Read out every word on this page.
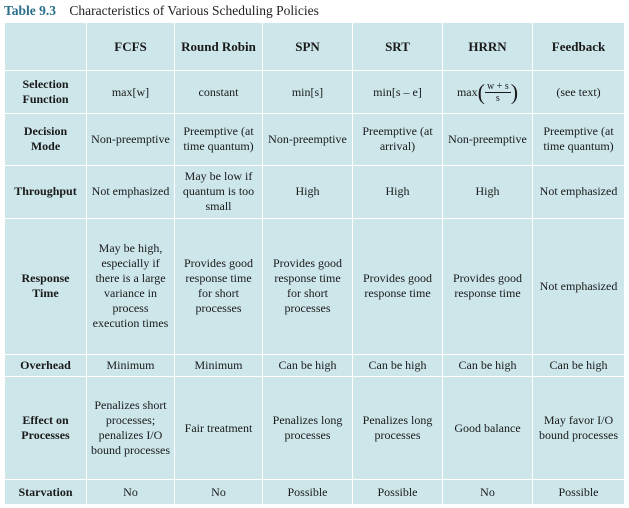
Table 9.3 Characteristics of Various Scheduling Policies
	FCFS	Round Robin	SPN	SRT	HRRN	Feedback
Selection Function	max[w]	constant	min[s]	min[s – e]	$\max( \frac{w + s}{s}$ )	(see text)
Decision Mode	Non-preemptive	Preemptive (at time quantum)	Non-preemptive	Preemptive (at arrival)	Non-preemptive	Preemptive (at time quantum)
Throughput	Not emphasized	May be low if quantum is too small	High	High	High	Not emphasized
Response Time	May be high, especially if there is a large variance in process execution times	Provides good response time for short processes	Provides good response time for short processes	Provides good response time	Provides good response time	Not emphasized
Overhead	Minimum	Minimum	Can be high	Can be high	Can be high	Can be high
Effect on Processes	Penalizes short processes; penalizes I/O bound processes	Fair treatment	Penalizes long processes	Penalizes long processes	Good balance	May favor I/O bound processes
Starvation	No	No	Possible	Possible	No	Possible
